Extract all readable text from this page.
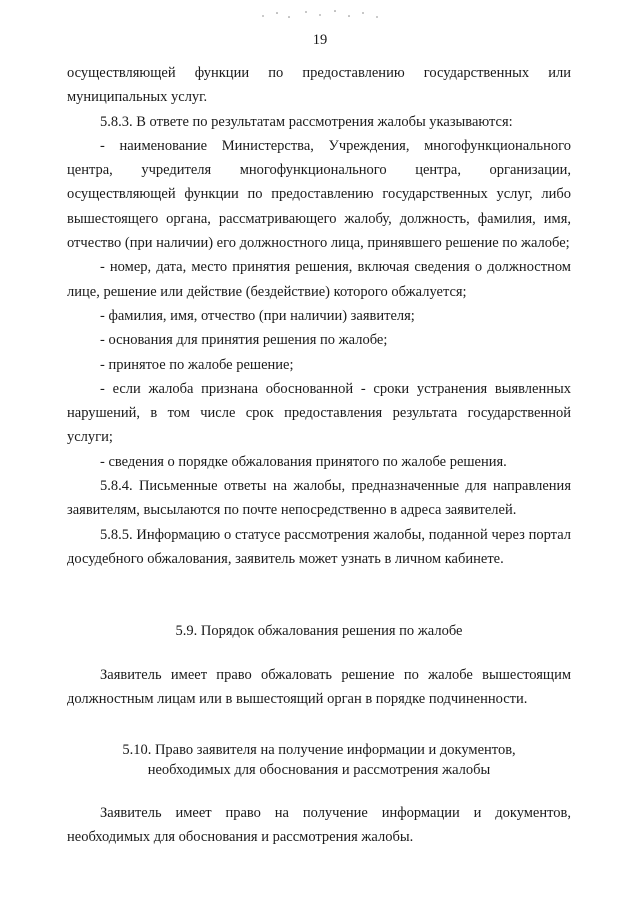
19

осуществляющей функции по предоставлению государственных или муниципальных услуг.

5.8.3. В ответе по результатам рассмотрения жалобы указываются:

- наименование Министерства, Учреждения, многофункционального центра, учредителя многофункционального центра, организации, осуществляющей функции по предоставлению государственных услуг, либо вышестоящего органа, рассматривающего жалобу, должность, фамилия, имя, отчество (при наличии) его должностного лица, принявшего решение по жалобе;

- номер, дата, место принятия решения, включая сведения о должностном лице, решение или действие (бездействие) которого обжалуется;

- фамилия, имя, отчество (при наличии) заявителя;

- основания для принятия решения по жалобе;

- принятое по жалобе решение;

- если жалоба признана обоснованной - сроки устранения выявленных нарушений, в том числе срок предоставления результата государственной услуги;

- сведения о порядке обжалования принятого по жалобе решения.

5.8.4. Письменные ответы на жалобы, предназначенные для направления заявителям, высылаются по почте непосредственно в адреса заявителей.

5.8.5. Информацию о статусе рассмотрения жалобы, поданной через портал досудебного обжалования, заявитель может узнать в личном кабинете.

5.9. Порядок обжалования решения по жалобе

Заявитель имеет право обжаловать решение по жалобе вышестоящим должностным лицам или в вышестоящий орган в порядке подчиненности.

5.10. Право заявителя на получение информации и документов,

необходимых для обоснования и рассмотрения жалобы

Заявитель имеет право на получение информации и документов, необходимых для обоснования и рассмотрения жалобы.
